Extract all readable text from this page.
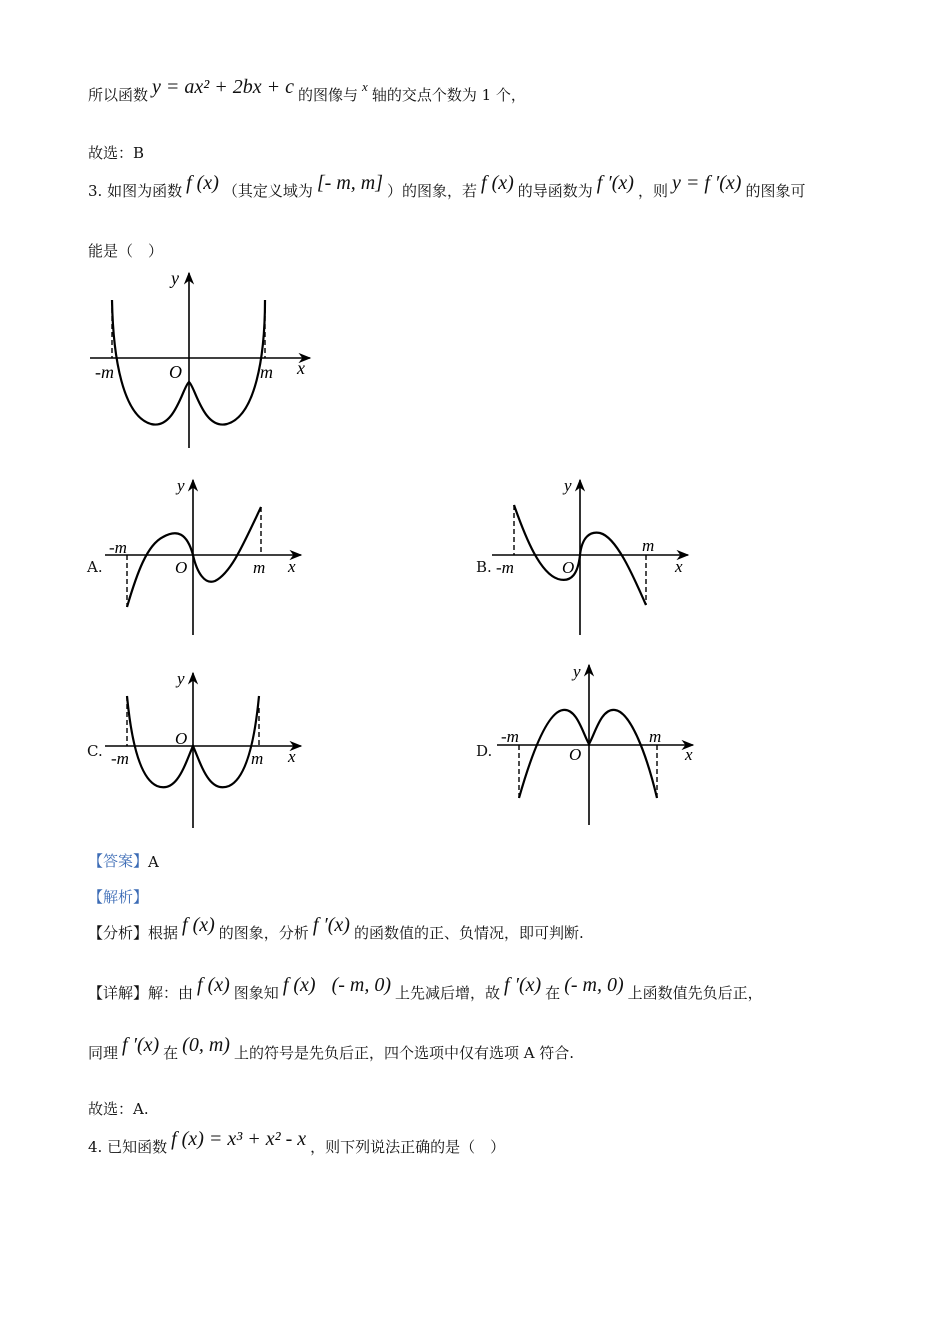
所以函数 y = ax² + 2bx + c 的图像与 x 轴的交点个数为 1 个，
故选：B
3. 如图为函数 f (x) （其定义域为 [- m, m] ）的图象，若 f (x) 的导函数为 f ′(x) ，则 y = f ′(x) 的图象可
能是（　）
-m	O	m x
y
A.
-m
O	m x
y
B. -m	O
m
x
y
C. -m
O
m x
y
D.
-m
O
m
x
y
【答案】 A
【解析】
【分析】 根据 f (x) 的图象，分析 f ′(x) 的函数值的正、负情况，即可判断.
【详解】 解：由 f (x) 图象知 f (x) (- m, 0) 上先减后增，故 f ′(x) 在 (- m, 0) 上函数值先负后正，
同理 f ′(x) 在 (0, m) 上的符号是先负后正，四个选项中仅有选项 A 符合.
故选：A.
4. 已知函数 f (x) = x³ + x² - x ，则下列说法正确的是（　）
